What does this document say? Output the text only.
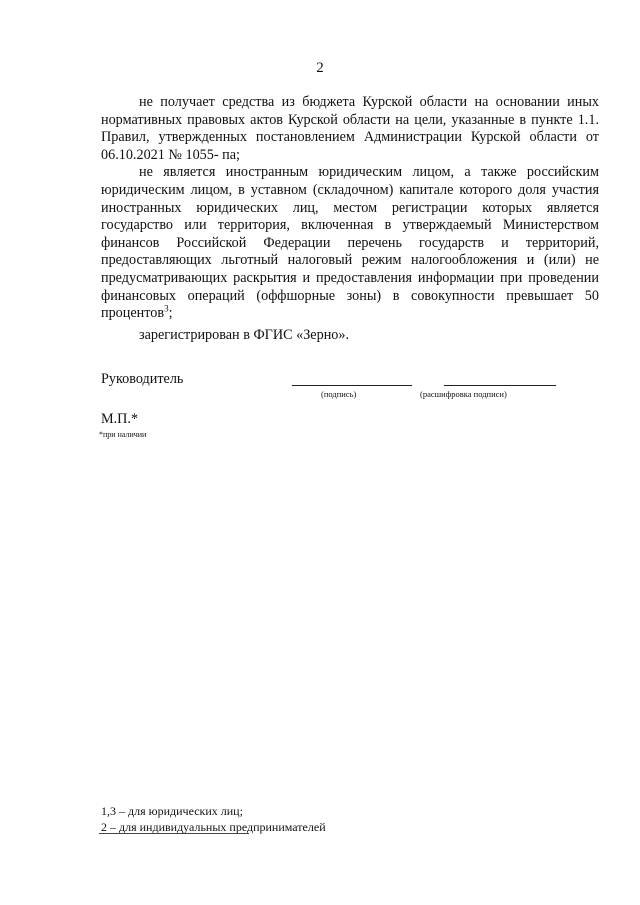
2

не получает средства из бюджета Курской области на основании иных нормативных правовых актов Курской области на цели, указанные в пункте 1.1. Правил, утвержденных постановлением Администрации Курской области от 06.10.2021 № 1055- па;

не является иностранным юридическим лицом, а также российским юридическим лицом, в уставном (складочном) капитале которого доля участия иностранных юридических лиц, местом регистрации которых является государство или территория, включенная в утверждаемый Министерством финансов Российской Федерации перечень государств и территорий, предоставляющих льготный налоговый режим налогообложения и (или) не предусматривающих раскрытия и предоставления информации при проведении финансовых операций (оффшорные зоны) в совокупности превышает 50 процентов$^3$;

зарегистрирован в ФГИС «Зерно».

Руководитель
(подпись)	(расшифровка подписи)
М.П.*
*при наличии
1,3 – для юридических лиц;
2 – для индивидуальных предпринимателей
